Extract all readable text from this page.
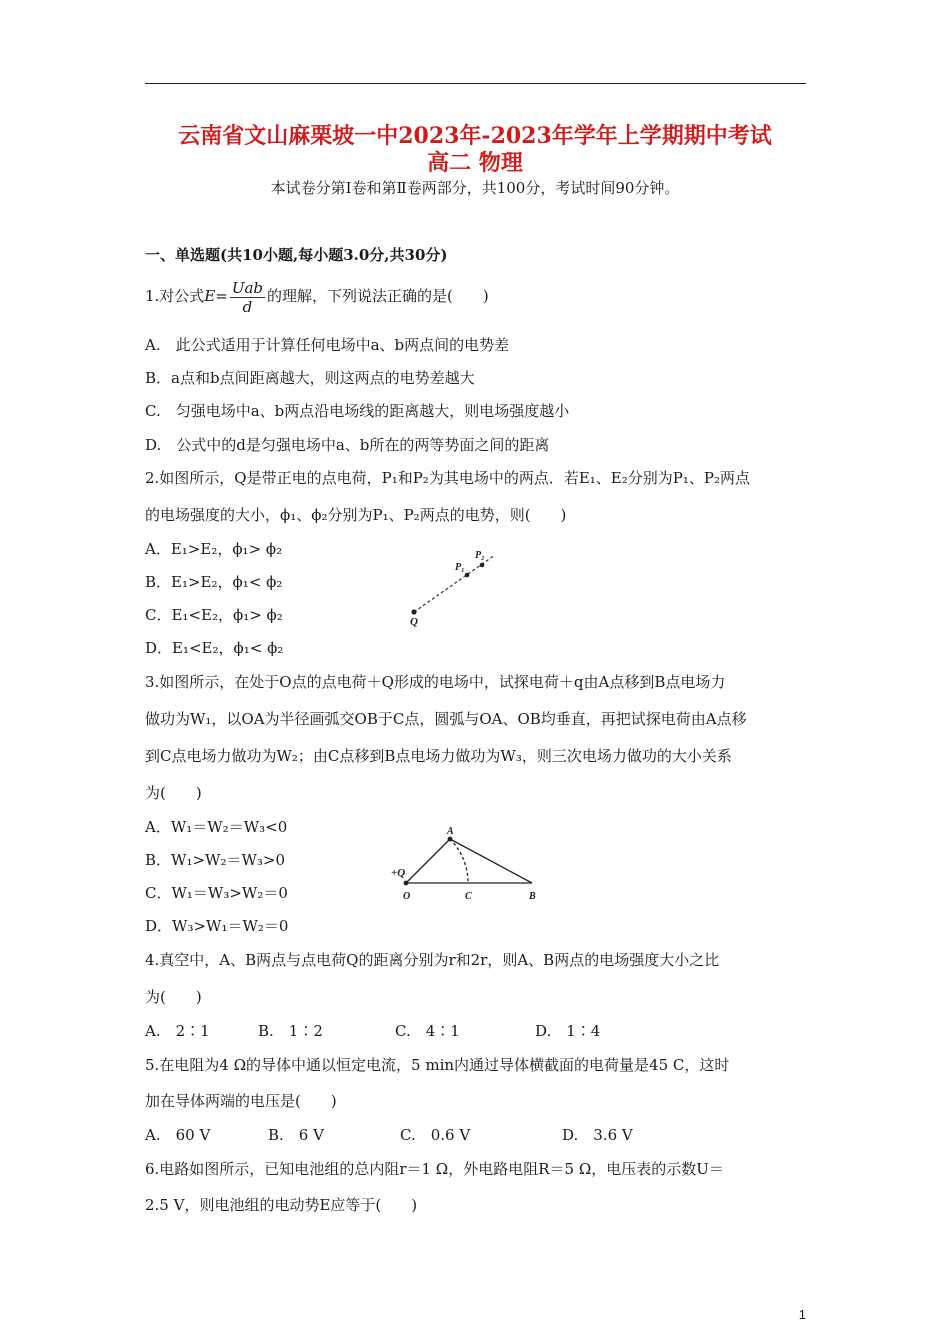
云南省文山麻栗坡一中2023年-2023年学年上学期期中考试
高二 物理
本试卷分第Ⅰ卷和第Ⅱ卷两部分，共100分，考试时间90分钟。
一、单选题(共10小题,每小题3.0分,共30分)
1.对公式$E= \frac{\text{Uab}}{d}$ 的理解，下列说法正确的是(　　)
A.　此公式适用于计算任何电场中a、b两点间的电势差
B．a点和b点间距离越大，则这两点的电势差越大
C.　匀强电场中a、b两点沿电场线的距离越大，则电场强度越小
D.　公式中的d是匀强电场中a、b所在的两等势面之间的距离
2.如图所示，Q是带正电的点电荷，P₁和P₂为其电场中的两点．若E₁、E₂分别为P₁、P₂两点
的电场强度的大小，ϕ₁、ϕ₂分别为P₁、P₂两点的电势，则(　　)
A．E₁>E₂，ϕ₁> ϕ₂
B．E₁>E₂，ϕ₁< ϕ₂
C．E₁<E₂，ϕ₁> ϕ₂
D．E₁<E₂，ϕ₁< ϕ₂
Q
P₁
P₂
3.如图所示，在处于O点的点电荷＋Q形成的电场中，试探电荷＋q由A点移到B点电场力
做功为W₁，以OA为半径画弧交OB于C点，圆弧与OA、OB均垂直，再把试探电荷由A点移
到C点电场力做功为W₂；由C点移到B点电场力做功为W₃，则三次电场力做功的大小关系
为(　　)
A．W₁＝W₂＝W₃<0
B．W₁>W₂＝W₃>0
C．W₁＝W₃>W₂＝0
D．W₃>W₁＝W₂＝0
+Q
O
A
C	B
4.真空中，A、B两点与点电荷Q的距离分别为r和2r，则A、B两点的电场强度大小之比
为(　　)
A.　2∶1	B.　1∶2	C.　4∶1	D.　1∶4
5.在电阻为4 Ω的导体中通以恒定电流，5 min内通过导体横截面的电荷量是45 C，这时
加在导体两端的电压是(　　)
A.　60 V	B.　6 V	C.　0.6 V	D.　3.6 V
6.电路如图所示，已知电池组的总内阻r＝1 Ω，外电路电阻R＝5 Ω，电压表的示数U＝
2.5 V，则电池组的电动势E应等于(　　)
1
